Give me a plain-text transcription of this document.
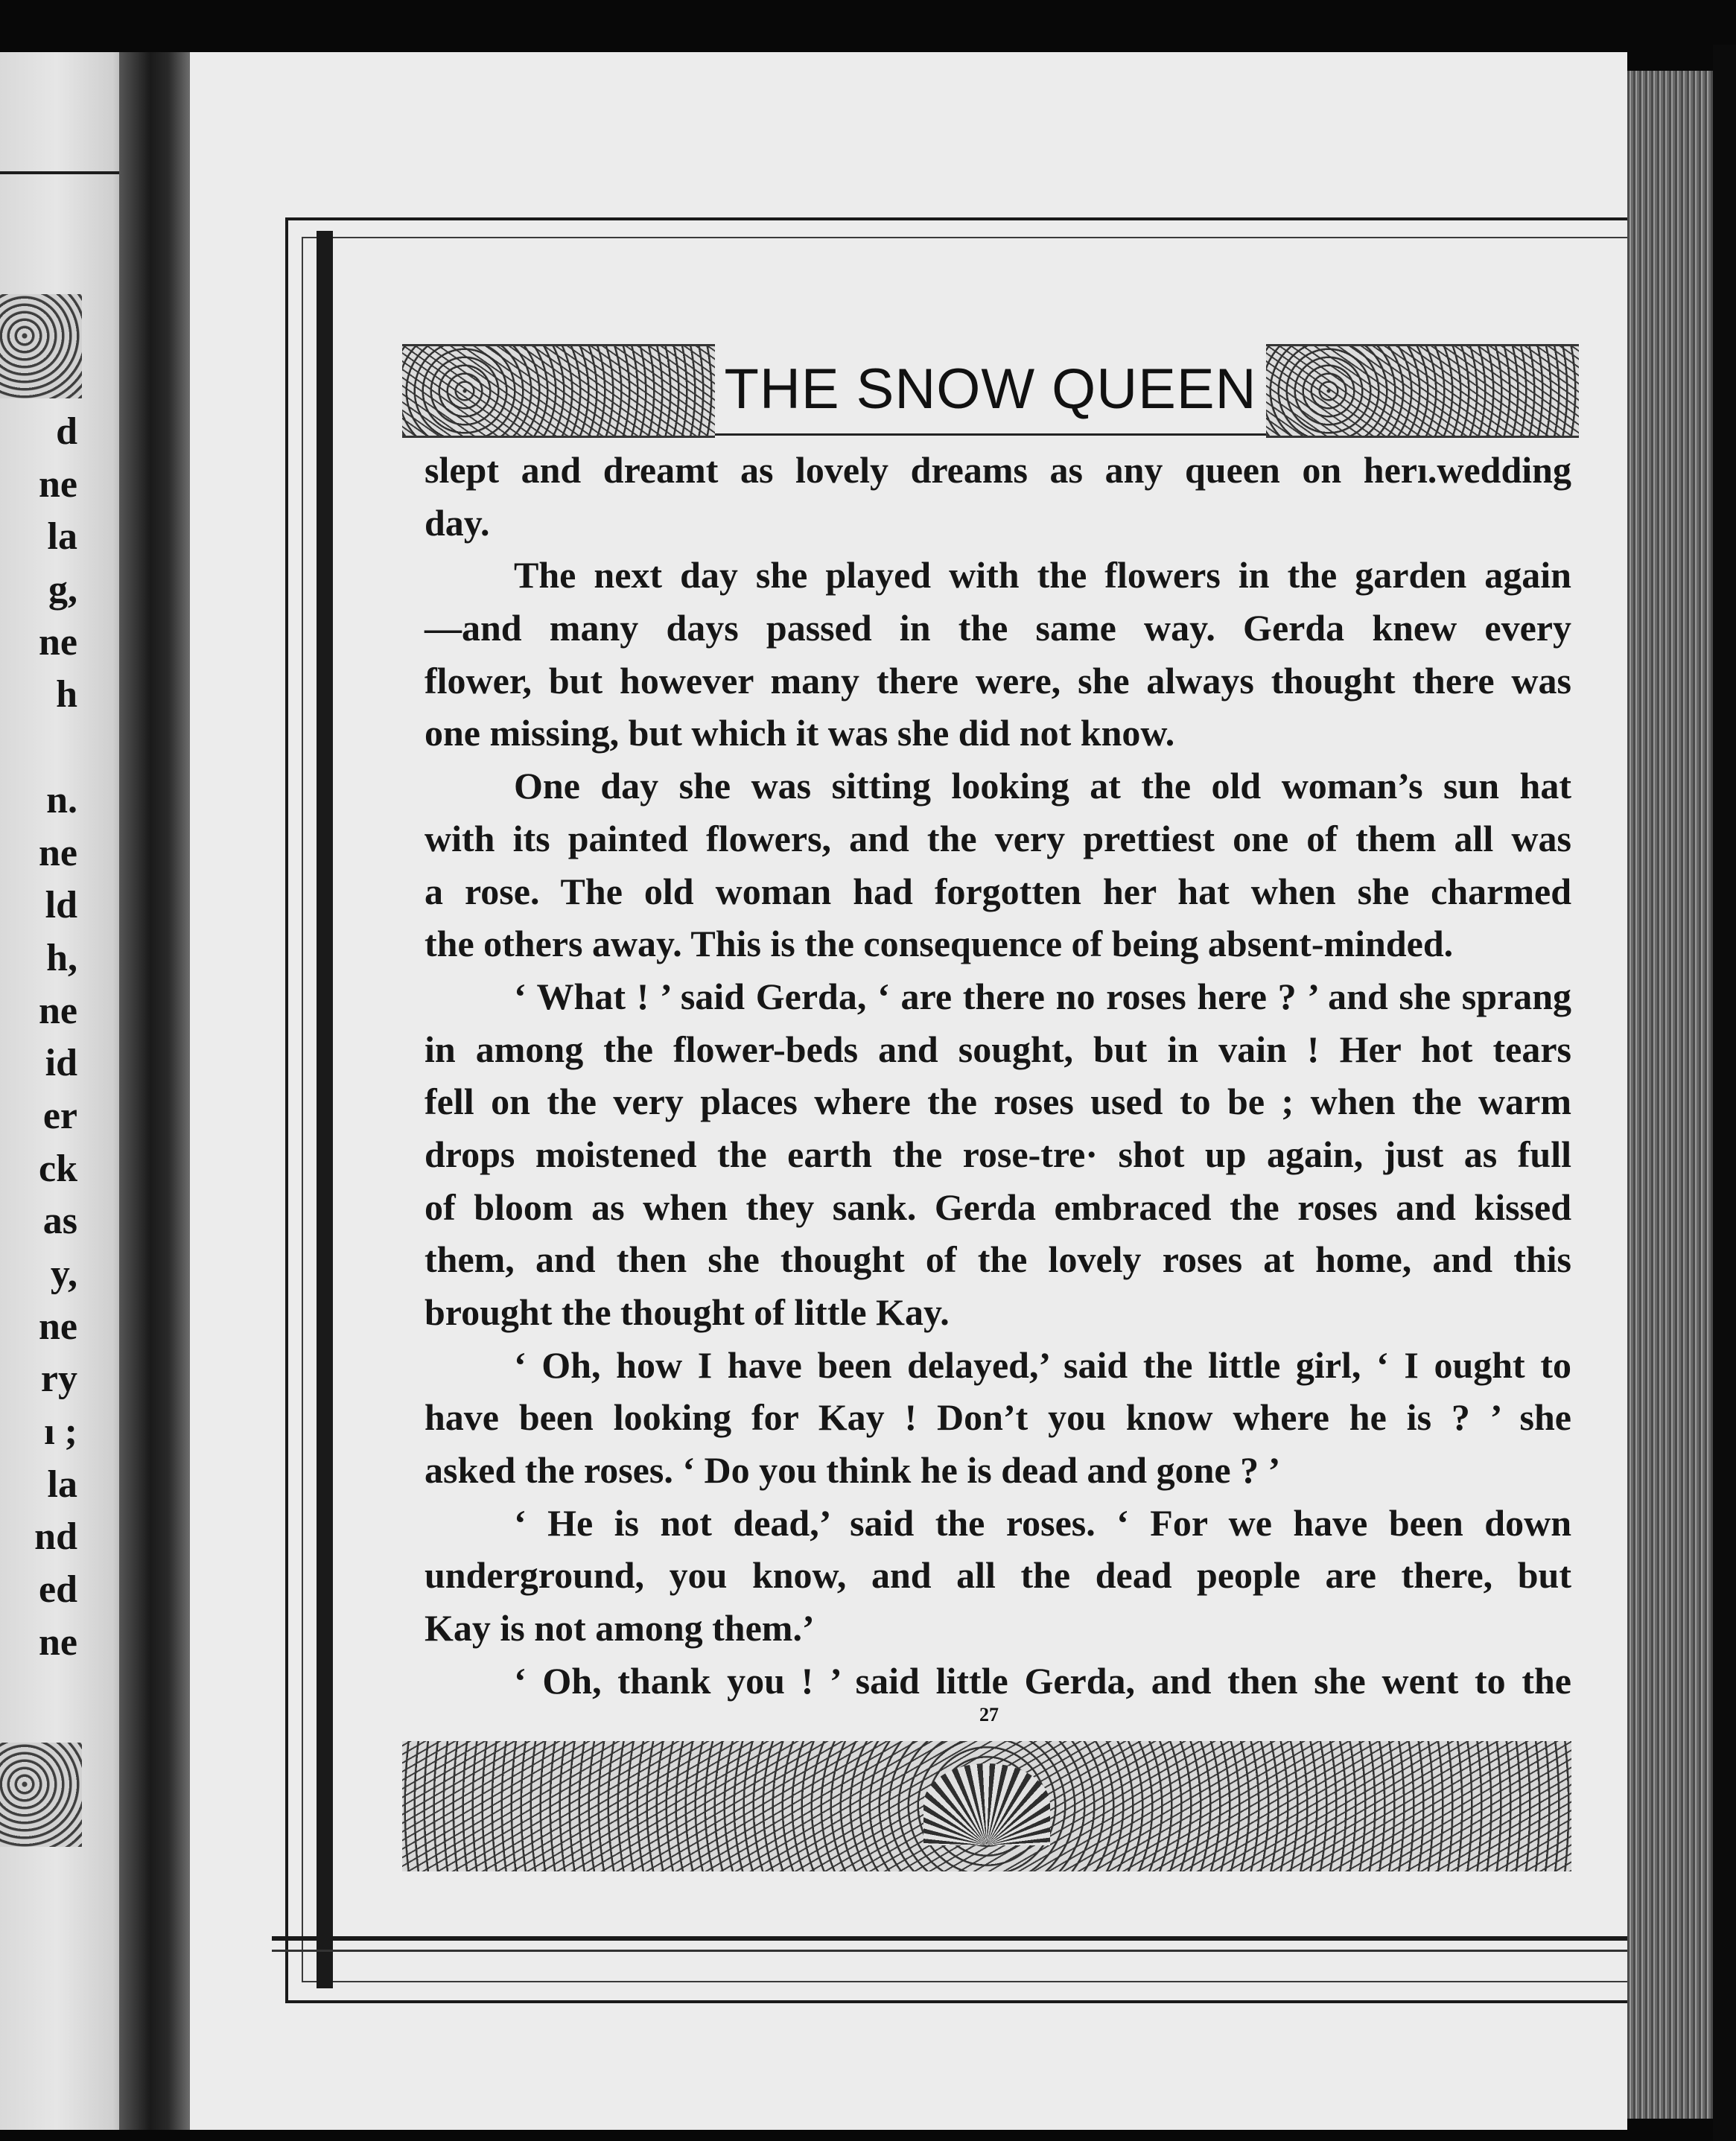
d
ne
la
g,
ne
h
n.
ne
ld
h,
ne
id
er
ck
as
y,
ne
ry
ı ;
la
nd
ed
ne
THE SNOW QUEEN
slept and dreamt as lovely dreams as any queen on herı.wedding
day.
The next day she played with the flowers in the garden again
—and many days passed in the same way. Gerda knew every
flower, but however many there were, she always thought there was
one missing, but which it was she did not know.
One day she was sitting looking at the old woman’s sun hat
with its painted flowers, and the very prettiest one of them all was
a rose. The old woman had forgotten her hat when she charmed
the others away. This is the consequence of being absent-minded.
‘ What ! ’ said Gerda, ‘ are there no roses here ? ’ and she sprang
in among the flower-beds and sought, but in vain ! Her hot tears
fell on the very places where the roses used to be ; when the warm
drops moistened the earth the rose-tre· shot up again, just as full
of bloom as when they sank. Gerda embraced the roses and kissed
them, and then she thought of the lovely roses at home, and this
brought the thought of little Kay.
‘ Oh, how I have been delayed,’ said the little girl, ‘ I ought to
have been looking for Kay ! Don’t you know where he is ? ’ she
asked the roses. ‘ Do you think he is dead and gone ? ’
‘ He is not dead,’ said the roses. ‘ For we have been down
underground, you know, and all the dead people are there, but
Kay is not among them.’
‘ Oh, thank you ! ’ said little Gerda, and then she went to the
27
